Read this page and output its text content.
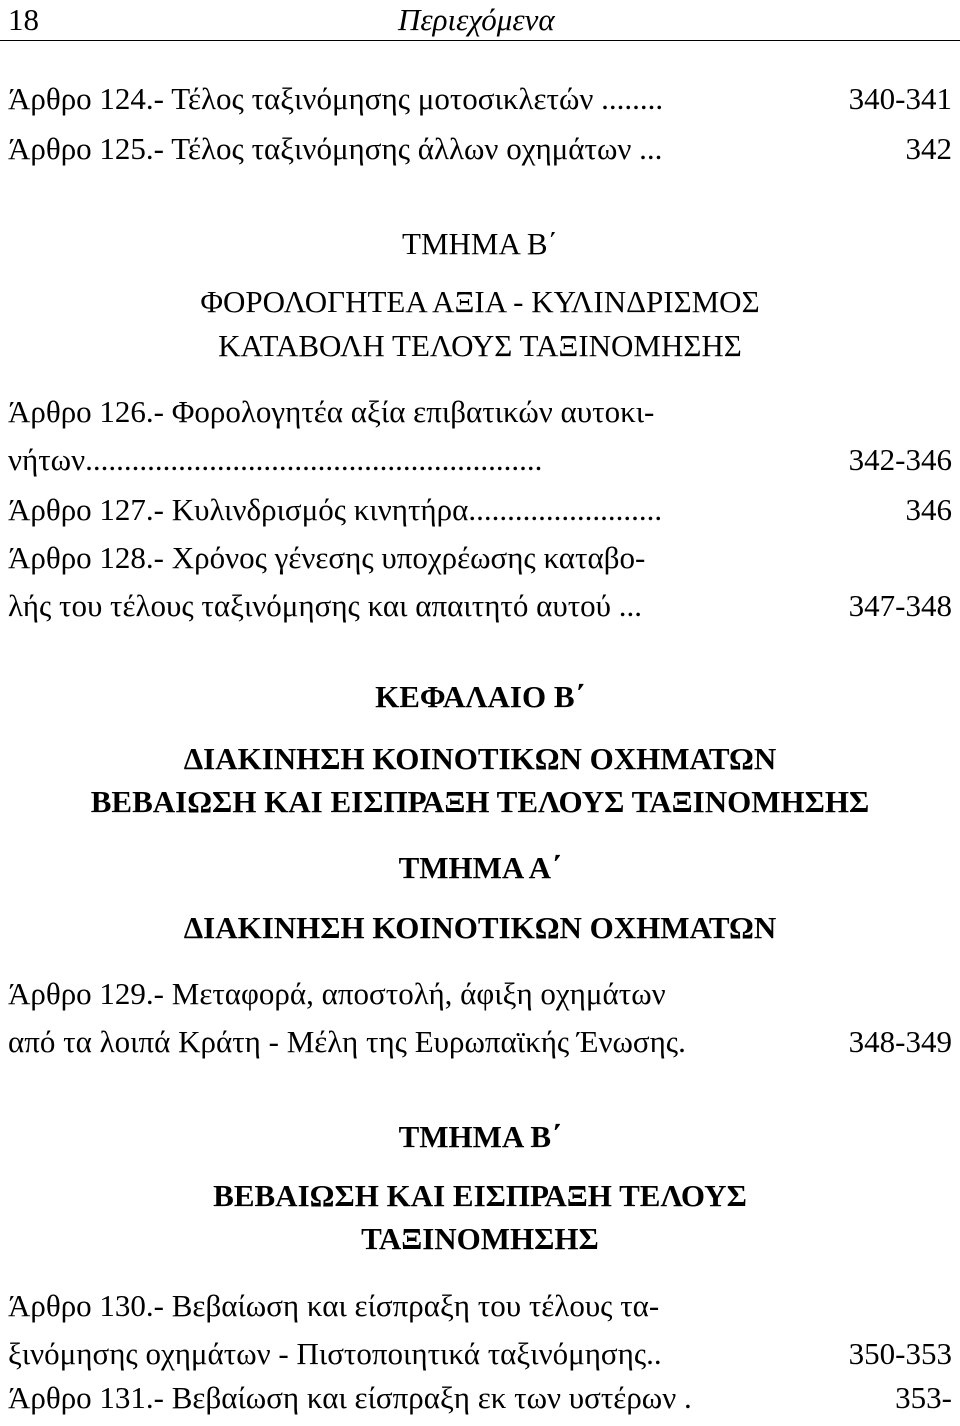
18	Περιεχόμενα
Άρθρο 124.- Τέλος ταξινόμησης μοτοσικλετών ........	340-341
Άρθρο 125.- Τέλος ταξινόμησης άλλων οχημάτων ...	342
ΤΜΗΜΑ Β΄
ΦΟΡΟΛΟΓΗΤΕΑ ΑΞΙΑ - ΚΥΛΙΝΔΡΙΣΜΟΣ
ΚΑΤΑΒΟΛΗ ΤΕΛΟΥΣ ΤΑΞΙΝΟΜΗΣΗΣ
Άρθρο 126.- Φορολογητέα αξία επιβατικών αυτοκι-
νήτων...........................................................	342-346
Άρθρο 127.- Κυλινδρισμός κινητήρα.........................	346
Άρθρο 128.- Χρόνος γένεσης υποχρέωσης καταβο-
λής του τέλους ταξινόμησης και απαιτητό αυτού ...	347-348
ΚΕΦΑΛΑΙΟ Β΄
ΔΙΑΚΙΝΗΣΗ ΚΟΙΝΟΤΙΚΩΝ ΟΧΗΜΑΤΩΝ
ΒΕΒΑΙΩΣΗ ΚΑΙ ΕΙΣΠΡΑΞΗ ΤΕΛΟΥΣ ΤΑΞΙΝΟΜΗΣΗΣ
ΤΜΗΜΑ Α΄
ΔΙΑΚΙΝΗΣΗ ΚΟΙΝΟΤΙΚΩΝ ΟΧΗΜΑΤΩΝ
Άρθρο 129.- Μεταφορά, αποστολή, άφιξη οχημάτων
από τα λοιπά Κράτη - Μέλη της Ευρωπαϊκής Ένωσης.	348-349
ΤΜΗΜΑ Β΄
ΒΕΒΑΙΩΣΗ ΚΑΙ ΕΙΣΠΡΑΞΗ ΤΕΛΟΥΣ
ΤΑΞΙΝΟΜΗΣΗΣ
Άρθρο 130.- Βεβαίωση και είσπραξη του τέλους τα-
ξινόμησης οχημάτων - Πιστοποιητικά ταξινόμησης..	350-353
Άρθρο 131.- Βεβαίωση και είσπραξη εκ των υστέρων .	353-
